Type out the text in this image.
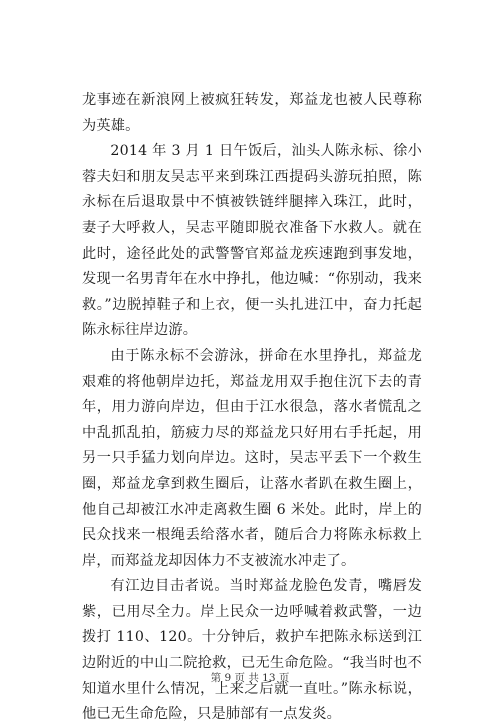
龙事迹在新浪网上被疯狂转发，郑益龙也被人民尊称为英雄。

2014 年 3 月 1 日午饭后，汕头人陈永标、徐小蓉夫妇和朋友吴志平来到珠江西提码头游玩拍照，陈永标在后退取景中不慎被铁链绊腿摔入珠江，此时，妻子大呼救人，吴志平随即脱衣准备下水救人。就在此时，途径此处的武警警官郑益龙疾速跑到事发地，发现一名男青年在水中挣扎，他边喊：“你别动，我来救。”边脱掉鞋子和上衣，便一头扎进江中，奋力托起陈永标往岸边游。

由于陈永标不会游泳，拼命在水里挣扎，郑益龙艰难的将他朝岸边托，郑益龙用双手抱住沉下去的青年，用力游向岸边，但由于江水很急，落水者慌乱之中乱抓乱拍，筋疲力尽的郑益龙只好用右手托起，用另一只手猛力划向岸边。这时，吴志平丢下一个救生圈，郑益龙拿到救生圈后，让落水者趴在救生圈上，他自己却被江水冲走离救生圈 6 米处。此时，岸上的民众找来一根绳丢给落水者，随后合力将陈永标救上岸，而郑益龙却因体力不支被流水冲走了。

有江边目击者说。当时郑益龙脸色发青，嘴唇发紫，已用尽全力。岸上民众一边呼喊着救武警，一边拨打 110、120。十分钟后，救护车把陈永标送到江边附近的中山二院抢救，已无生命危险。“我当时也不知道水里什么情况，上来之后就一直吐。”陈永标说，他已无生命危险，只是肺部有一点发炎。

第 9 页 共 13 页
